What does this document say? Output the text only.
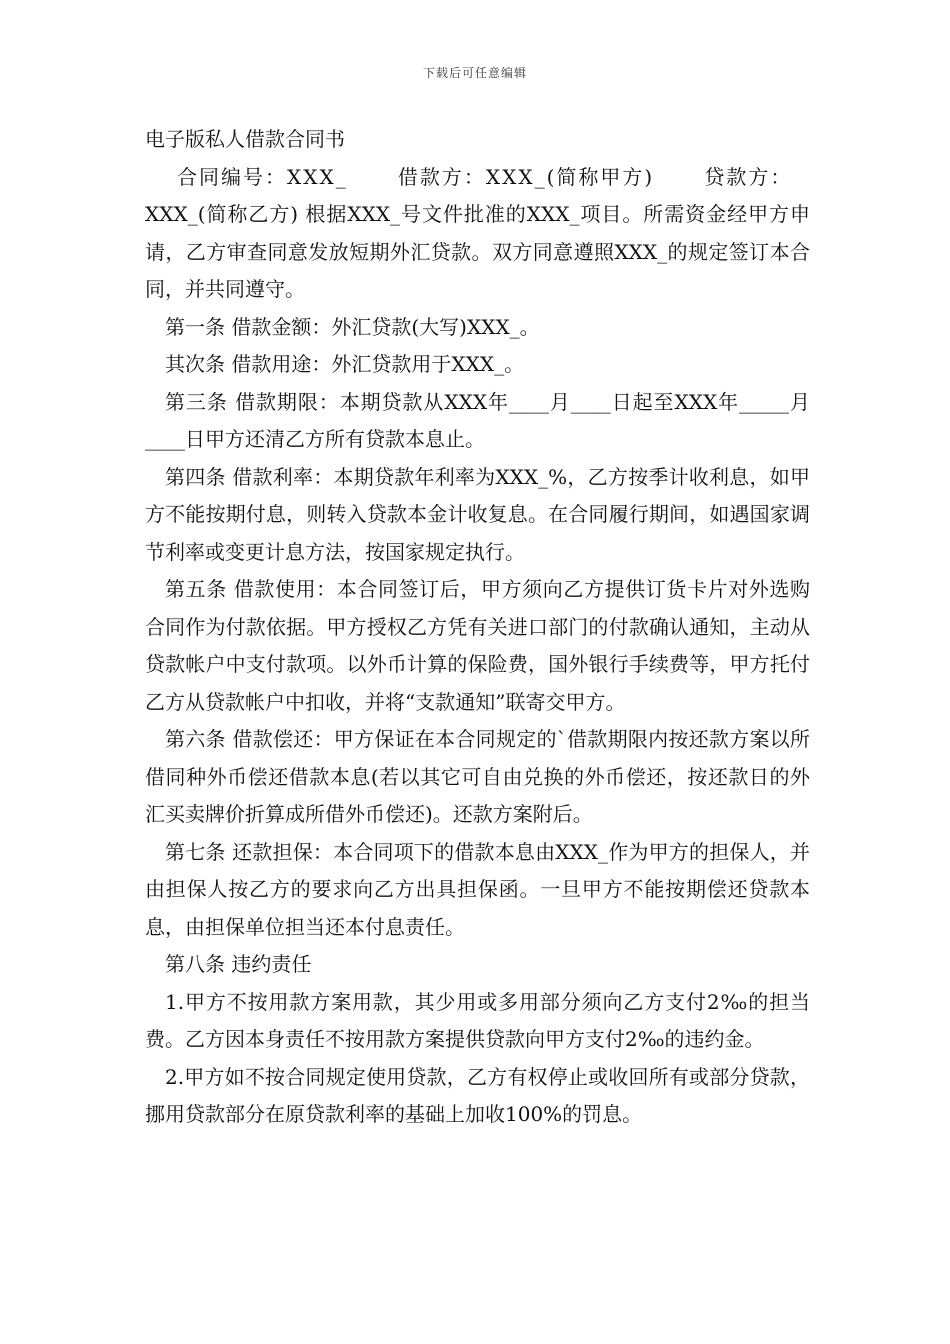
下载后可任意编辑

电子版私人借款合同书

合同编号：XXX_      借款方：XXX_(简称甲方)      贷款方：

XXX_(简称乙方) 根据XXX_号文件批准的XXX_项目。所需资金经甲方申请，乙方审查同意发放短期外汇贷款。双方同意遵照XXX_的规定签订本合同，并共同遵守。

第一条 借款金额：外汇贷款(大写)XXX_。

其次条 借款用途：外汇贷款用于XXX_。

第三条 借款期限：本期贷款从XXX年____月____日起至XXX年_____月____日甲方还清乙方所有贷款本息止。

第四条 借款利率：本期贷款年利率为XXX_%，乙方按季计收利息，如甲方不能按期付息，则转入贷款本金计收复息。在合同履行期间，如遇国家调节利率或变更计息方法，按国家规定执行。

第五条 借款使用：本合同签订后，甲方须向乙方提供订货卡片对外选购合同作为付款依据。甲方授权乙方凭有关进口部门的付款确认通知，主动从贷款帐户中支付款项。以外币计算的保险费，国外银行手续费等，甲方托付乙方从贷款帐户中扣收，并将“支款通知”联寄交甲方。

第六条 借款偿还：甲方保证在本合同规定的`借款期限内按还款方案以所借同种外币偿还借款本息(若以其它可自由兑换的外币偿还，按还款日的外汇买卖牌价折算成所借外币偿还)。还款方案附后。

第七条 还款担保：本合同项下的借款本息由XXX_作为甲方的担保人，并由担保人按乙方的要求向乙方出具担保函。一旦甲方不能按期偿还贷款本息，由担保单位担当还本付息责任。

第八条 违约责任

1.甲方不按用款方案用款，其少用或多用部分须向乙方支付2‰的担当费。乙方因本身责任不按用款方案提供贷款向甲方支付2‰的违约金。

2.甲方如不按合同规定使用贷款，乙方有权停止或收回所有或部分贷款，挪用贷款部分在原贷款利率的基础上加收100%的罚息。
